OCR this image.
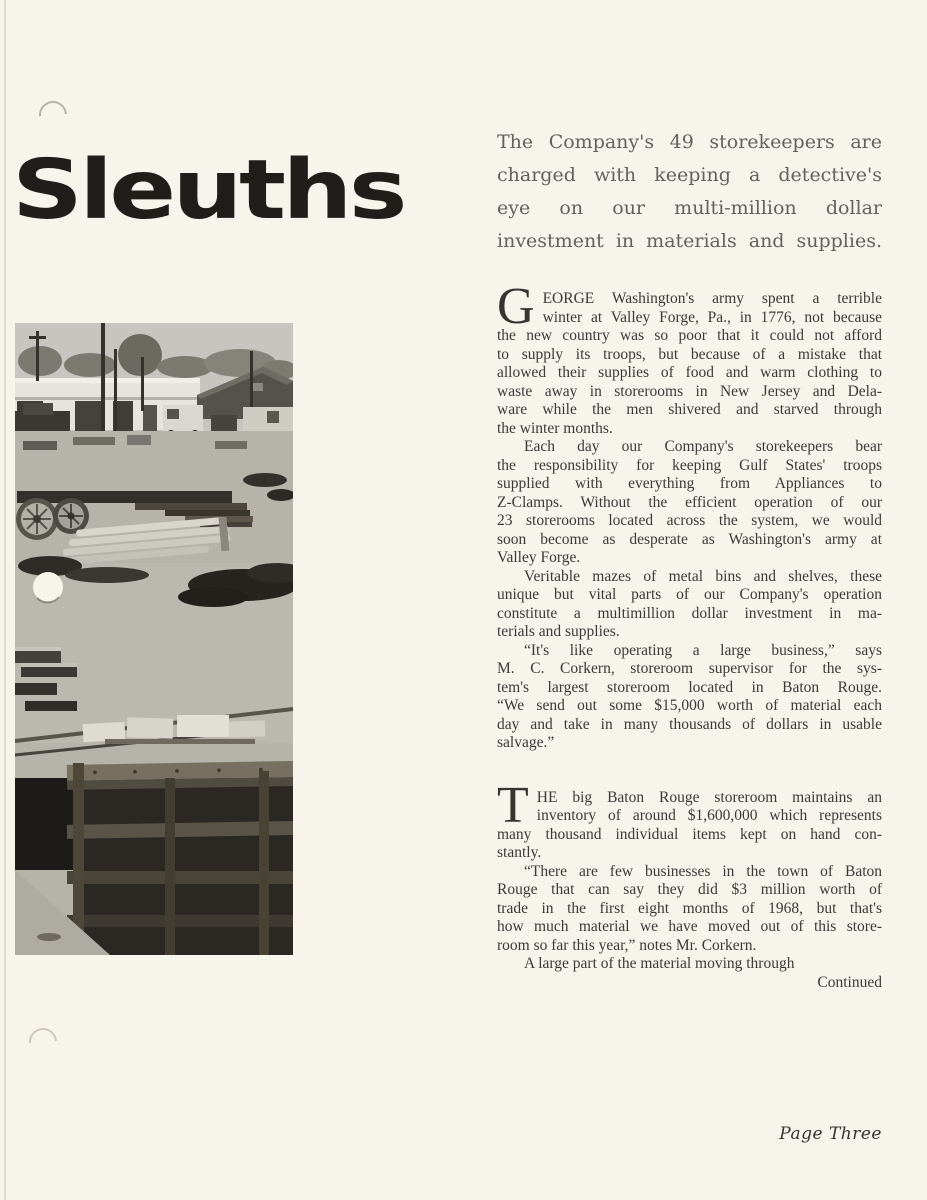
Sleuths
The Company's 49 storekeepers are
charged with keeping a detective's
eye on our multi-million dollar
investment in materials and supplies.
G EORGE Washington's army spent a terrible
winter at Valley Forge, Pa., in 1776, not because
the new country was so poor that it could not afford
to supply its troops, but because of a mistake that
allowed their supplies of food and warm clothing to
waste away in storerooms in New Jersey and Dela-
ware while the men shivered and starved through
the winter months.
Each day our Company's storekeepers bear
the responsibility for keeping Gulf States' troops
supplied with everything from Appliances to
Z-Clamps. Without the efficient operation of our
23 storerooms located across the system, we would
soon become as desperate as Washington's army at
Valley Forge.
Veritable mazes of metal bins and shelves, these
unique but vital parts of our Company's operation
constitute a multimillion dollar investment in ma-
terials and supplies.
“It's like operating a large business,” says
M. C. Corkern, storeroom supervisor for the sys-
tem's largest storeroom located in Baton Rouge.
“We send out some $15,000 worth of material each
day and take in many thousands of dollars in usable
salvage.”
T HE big Baton Rouge storeroom maintains an
inventory of around $1,600,000 which represents
many thousand individual items kept on hand con-
stantly.
“There are few businesses in the town of Baton
Rouge that can say they did $3 million worth of
trade in the first eight months of 1968, but that's
how much material we have moved out of this store-
room so far this year,” notes Mr. Corkern.
A large part of the material moving through
Continued
Page Three
